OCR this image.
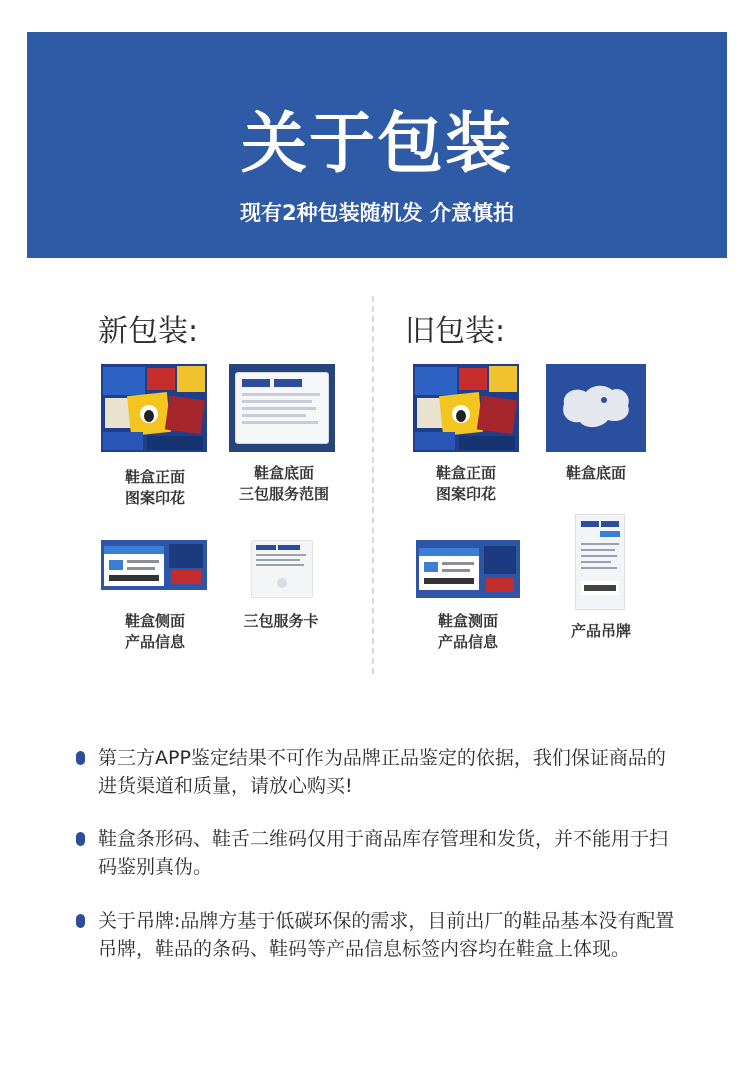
关于包装
现有2种包装随机发 介意慎拍
新包装:	旧包装:
鞋盒正面
图案印花
鞋盒底面
三包服务范围
鞋盒侧面
产品信息
三包服务卡
鞋盒正面
图案印花
鞋盒底面
鞋盒测面
产品信息
产品吊牌
第三方APP鉴定结果不可作为品牌正品鉴定的依据，我们保证商品的进货渠道和质量，请放心购买!
鞋盒条形码、鞋舌二维码仅用于商品库存管理和发货，并不能用于扫码鉴别真伪。
关于吊牌:品牌方基于低碳环保的需求，目前出厂的鞋品基本没有配置吊牌，鞋品的条码、鞋码等产品信息标签内容均在鞋盒上体现。
